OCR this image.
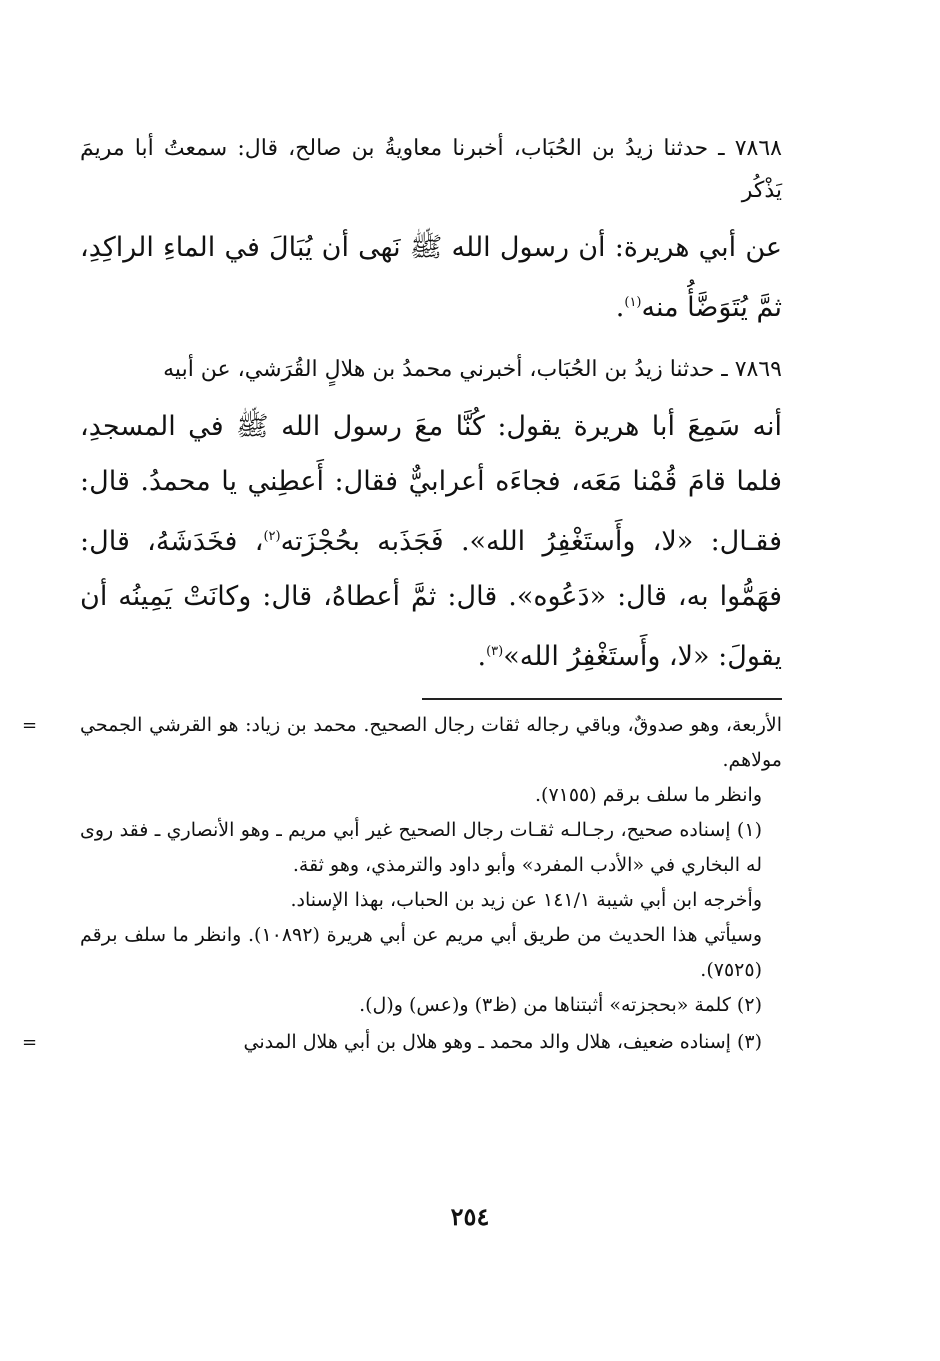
٧٨٦٨ ـ حدثنا زيدُ بن الحُبَاب، أخبرنا معاويةُ بن صالح، قال: سمعتُ أبا مريمَ يَذْكُر

عن أبي هريرة: أن رسول الله ﷺ نَهى أن يُبَالَ في الماءِ الراكِدِ، ثمَّ يُتَوَضَّأُ منه$^{(١)}$.

٧٨٦٩ ـ حدثنا زيدُ بن الحُبَاب، أخبرني محمدُ بن هلالٍ القُرَشي، عن أبيه

أنه سَمِعَ أبا هريرة يقول: كُنَّا معَ رسول الله ﷺ في المسجدِ، فلما قامَ قُمْنا مَعَه، فجاءَه أعرابيٌّ فقال: أَعطِني يا محمدُ. قال: فقـال: «لا، وأَستَغْفِرُ الله». فَجَذَبه بحُجْزَته$^{(٢)}$، فخَدَشَهُ، قال: فهَمُّوا به، قال: «دَعُوه». قال: ثمَّ أعطاهُ، قال: وكانَتْ يَمِينُه أن يقولَ: «لا، وأَستَغْفِرُ الله»$^{(٣)}$.

= الأربعة، وهو صدوقٌ، وباقي رجاله ثقات رجال الصحيح. محمد بن زياد: هو القرشي الجمحي مولاهم.

وانظر ما سلف برقم (٧١٥٥).

(١) إسناده صحيح، رجـالـه ثقـات رجال الصحيح غير أبي مريم ـ وهو الأنصاري ـ فقد روى له البخاري في «الأدب المفرد» وأبو داود والترمذي، وهو ثقة.

وأخرجه ابن أبي شيبة ١٤١/١ عن زيد بن الحباب، بهذا الإسناد.

وسيأتي هذا الحديث من طريق أبي مريم عن أبي هريرة (١٠٨٩٢). وانظر ما سلف برقم (٧٥٢٥).

(٢) كلمة «بحجزته» أثبتناها من (ظ٣) و(عس) و(ل).

(٣) إسناده ضعيف، هلال والد محمد ـ وهو هلال بن أبي هلال المدني
=

٢٥٤
